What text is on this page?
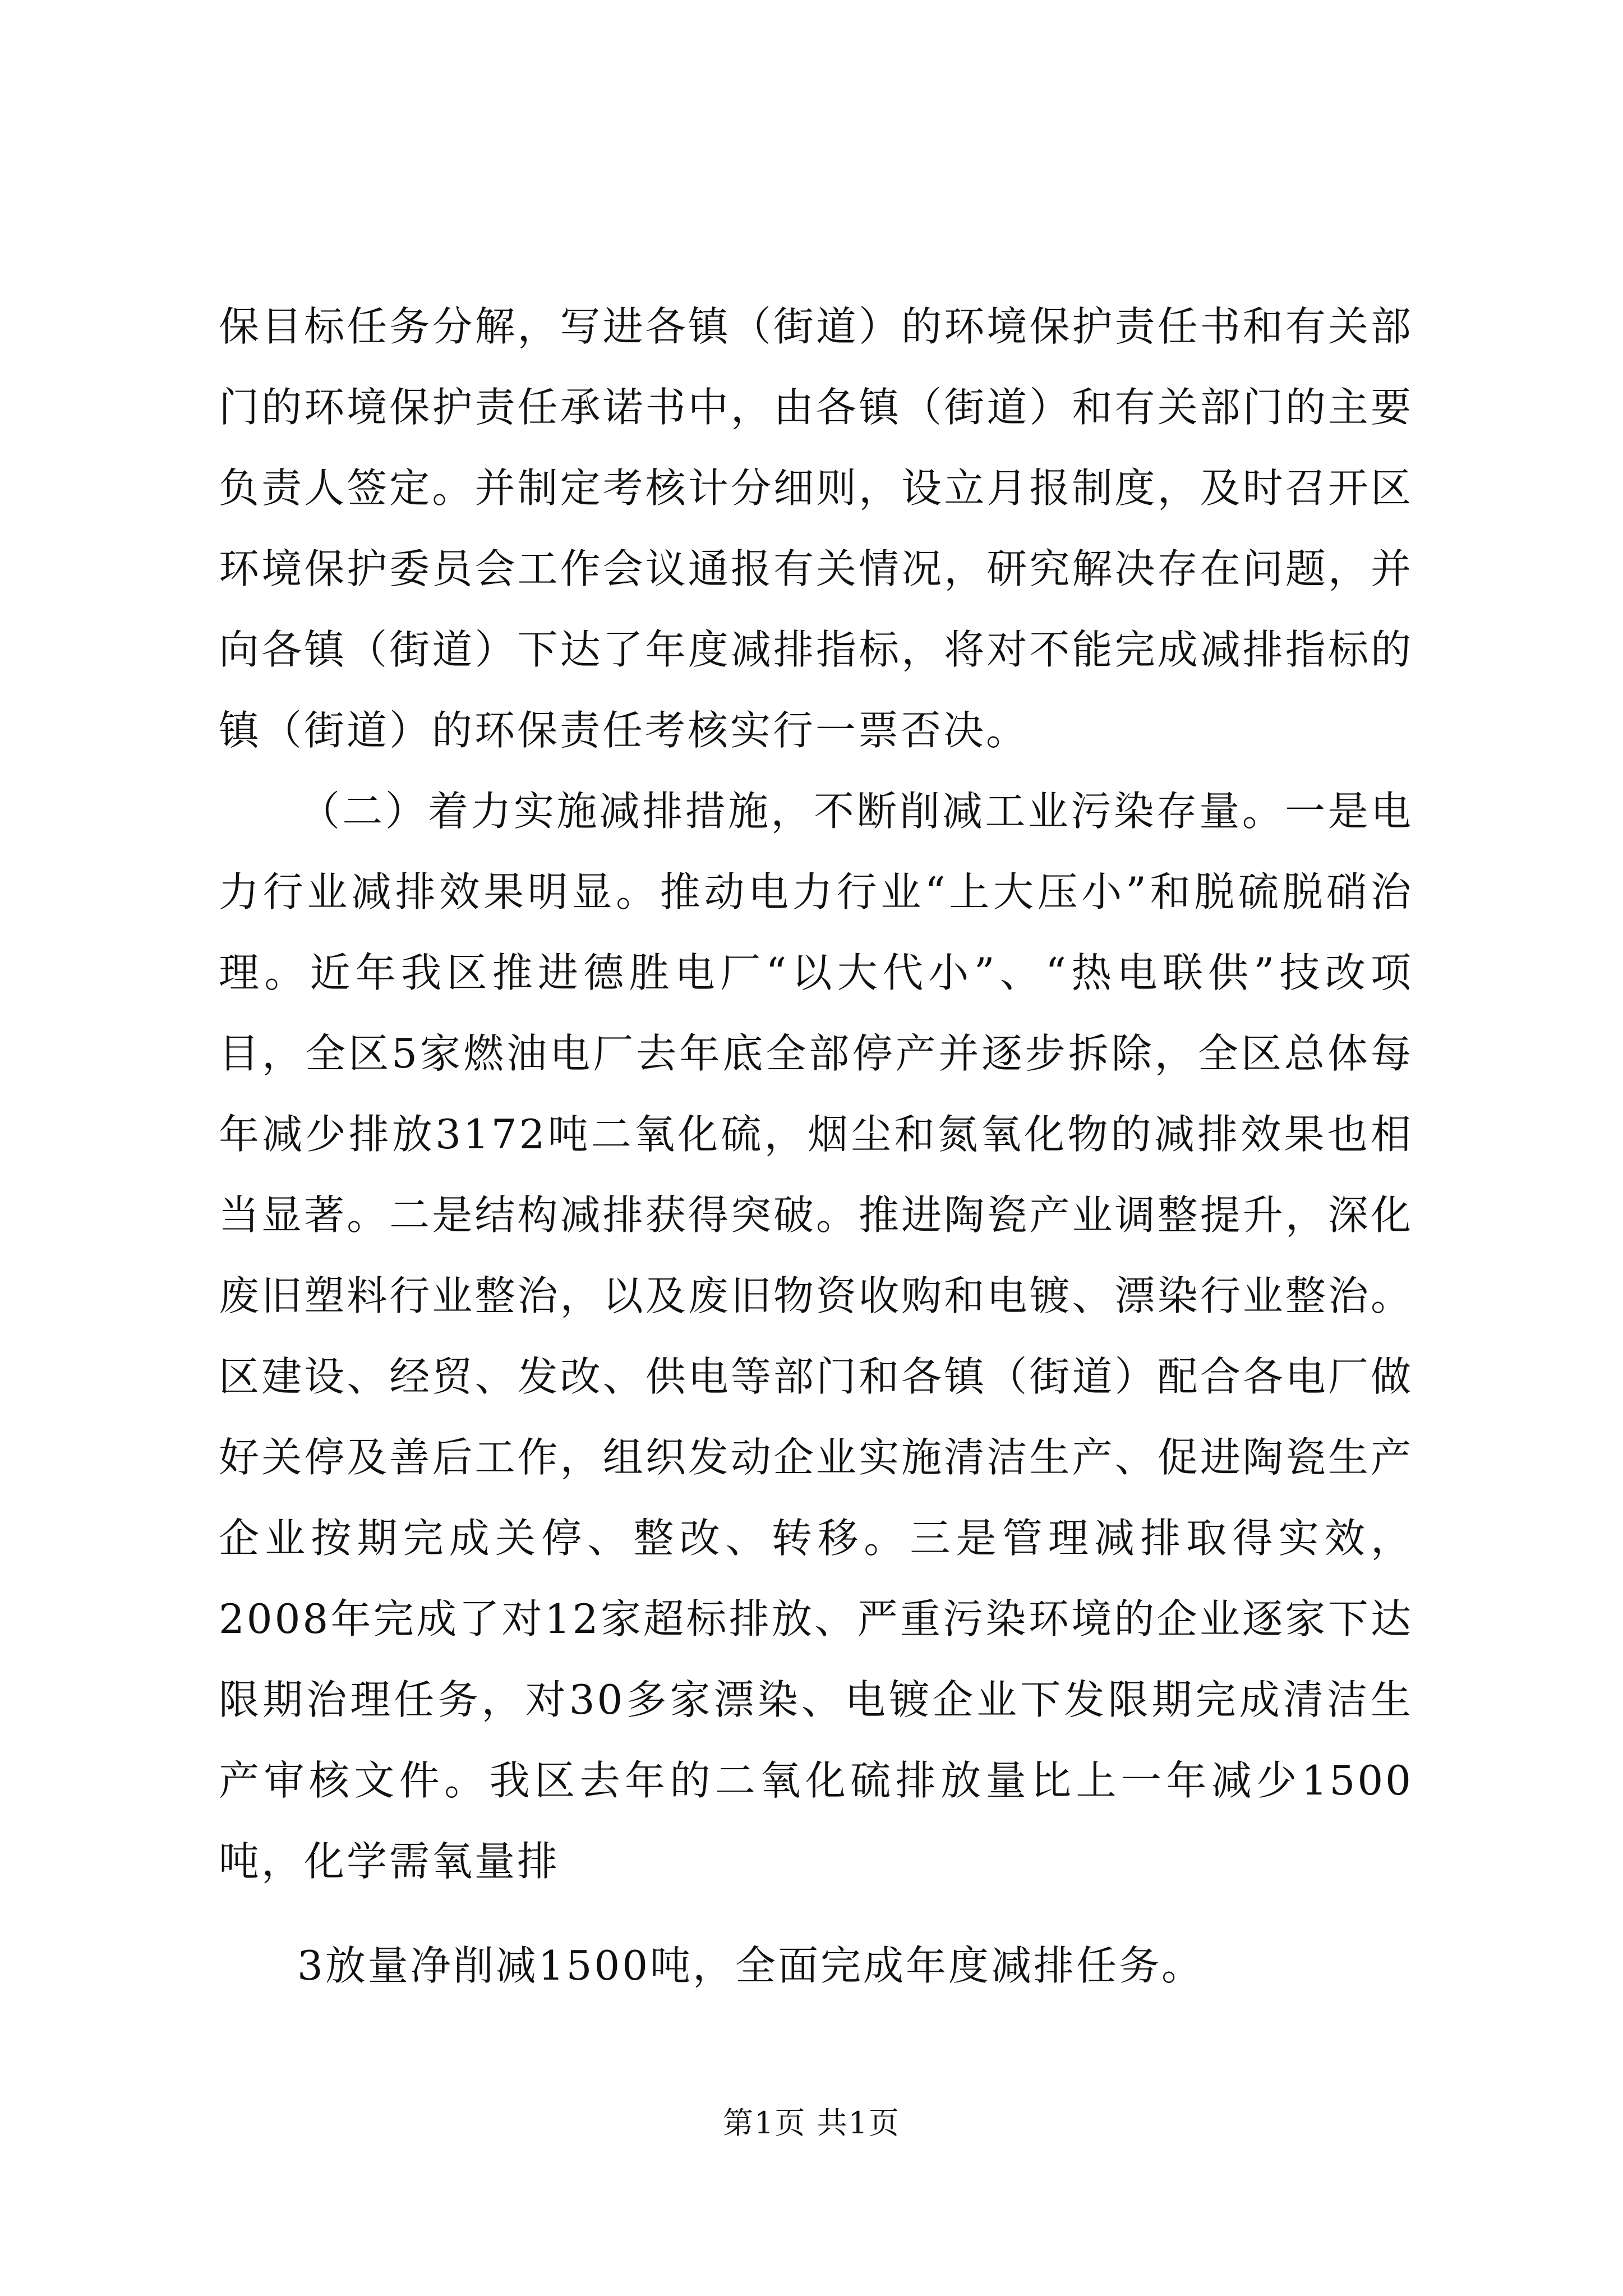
保目标任务分解，写进各镇（街道）的环境保护责任书和有关部门的环境保护责任承诺书中，由各镇（街道）和有关部门的主要负责人签定。并制定考核计分细则，设立月报制度，及时召开区环境保护委员会工作会议通报有关情况，研究解决存在问题，并向各镇（街道）下达了年度减排指标，将对不能完成减排指标的镇（街道）的环保责任考核实行一票否决。

（二）着力实施减排措施，不断削减工业污染存量。一是电力行业减排效果明显。推动电力行业“上大压小”和脱硫脱硝治理。近年我区推进德胜电厂“以大代小”、“热电联供”技改项目，全区5家燃油电厂去年底全部停产并逐步拆除，全区总体每年减少排放3172吨二氧化硫，烟尘和氮氧化物的减排效果也相当显著。二是结构减排获得突破。推进陶瓷产业调整提升，深化废旧塑料行业整治，以及废旧物资收购和电镀、漂染行业整治。区建设、经贸、发改、供电等部门和各镇（街道）配合各电厂做好关停及善后工作，组织发动企业实施清洁生产、促进陶瓷生产企业按期完成关停、整改、转移。三是管理减排取得实效，2008年完成了对12家超标排放、严重污染环境的企业逐家下达限期治理任务，对30多家漂染、电镀企业下发限期完成清洁生产审核文件。我区去年的二氧化硫排放量比上一年减少1500吨，化学需氧量排

3放量净削减1500吨，全面完成年度减排任务。
第1页 共1页
